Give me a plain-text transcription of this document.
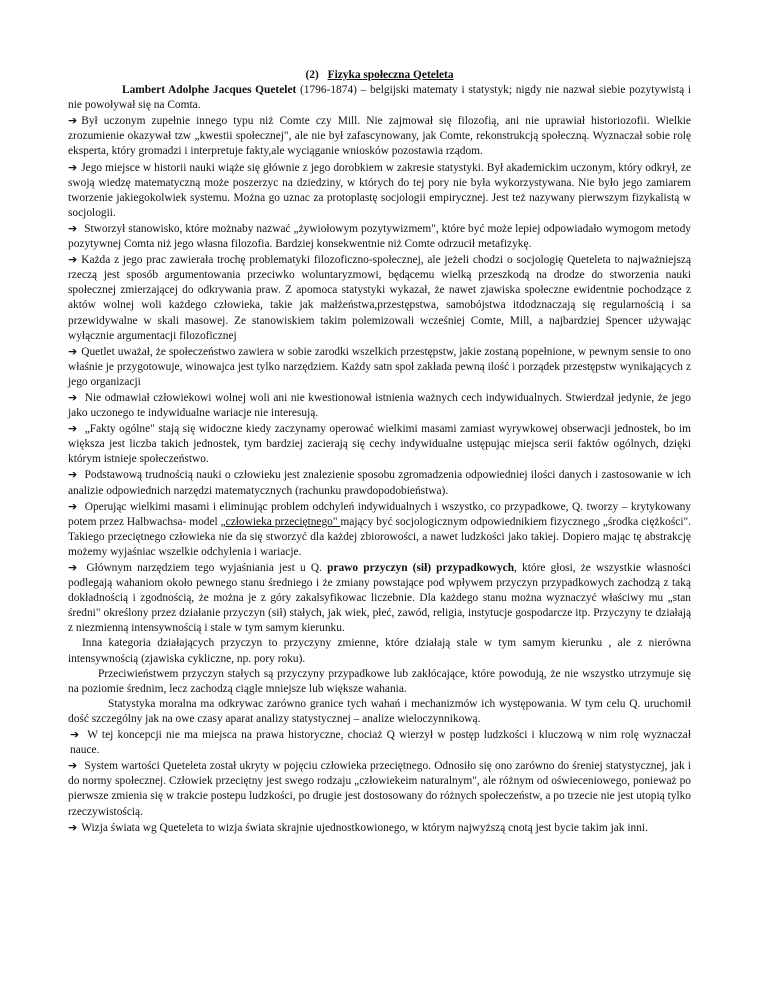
(2) Fizyka społeczna Qeteleta

Lambert Adolphe Jacques Quetelet (1796-1874) – belgijski matematy i statystyk; nigdy nie nazwał siebie pozytywistą i nie powoływał się na Comta.

➔ Był uczonym zupełnie innego typu niż Comte czy Mill. Nie zajmował się filozofią, ani nie uprawiał historiozofii. Wielkie zrozumienie okazywał tzw „kwestii społecznej", ale nie był zafascynowany, jak Comte, rekonstrukcją społeczną. Wyznaczał sobie rolę eksperta, który gromadzi i interpretuje fakty,ale wyciąganie wniosków pozostawia rządom.

➔ Jego miejsce w historii nauki wiąże się głównie z jego dorobkiem w zakresie statystyki. Był akademickim uczonym, który odkrył, ze swoją wiedzę matematyczną może poszerzyc na dziedziny, w których do tej pory nie była wykorzystywana. Nie było jego zamiarem tworzenie jakiegokolwiek systemu. Można go uznac za protoplastę socjologii empirycznej. Jest też nazywany pierwszym fizykalistą w socjologii.

➔ Stworzył stanowisko, które możnaby nazwać „żywiołowym pozytywizmem", które być może lepiej odpowiadało wymogom metody pozytywnej Comta niż jego własna filozofia. Bardziej konsekwentnie niż Comte odrzucił metafizykę.

➔ Każda z jego prac zawierała trochę problematyki filozoficzno-społecznej, ale jeżeli chodzi o socjologię Queteleta to najważniejszą rzeczą jest sposób argumentowania przeciwko woluntaryzmowi, będącemu wielką przeszkodą na drodze do stworzenia nauki społecznej zmierzającej do odkrywania praw. Z apomoca statystyki wykazał, że nawet zjawiska społeczne ewidentnie pochodzące z aktów wolnej woli każdego człowieka, takie jak małżeństwa,przestępstwa, samobójstwa itdodznaczają się regularnością i sa przewidywalne w skali masowej. Ze stanowiskiem takim polemizowali wcześniej Comte, Mill, a najbardziej Spencer używając wyłącznie argumentacji filozoficznej

➔ Quetlet uważał, że społeczeństwo zawiera w sobie zarodki wszelkich przestępstw, jakie zostaną popełnione, w pewnym sensie to ono właśnie je przygotowuje, winowajca jest tylko narzędziem. Każdy satn społ zakłada pewną ilość i porządek przestępstw wynikających z jego organizacji

➔ Nie odmawiał człowiekowi wolnej woli ani nie kwestionował istnienia ważnych cech indywidualnych. Stwierdzał jedynie, że jego jako uczonego te indywidualne wariacje nie interesują.

➔ „Fakty ogólne" stają się widoczne kiedy zaczynamy operować wielkimi masami zamiast wyrywkowej obserwacji jednostek, bo im większa jest liczba takich jednostek, tym bardziej zacierają się cechy indywidualne ustępując miejsca serii faktów ogólnych, dzięki którym istnieje społeczeństwo.

➔ Podstawową trudnością nauki o człowieku jest znalezienie sposobu zgromadzenia odpowiedniej ilości danych i zastosowanie w ich analizie odpowiednich narzędzi matematycznych (rachunku prawdopodobieństwa).

➔ Operując wielkimi masami i eliminując problem odchyleń indywidualnych i wszystko, co przypadkowe, Q. tworzy – krytykowany potem przez Halbwachsa- model „człowieka przeciętnego" mający być socjologicznym odpowiednikiem fizycznego „środka ciężkości". Takiego przeciętnego człowieka nie da się stworzyć dla każdej zbiorowości, a nawet ludzkości jako takiej. Dopiero mając tę abstrakcję możemy wyjaśniac wszelkie odchylenia i wariacje.

➔ Głównym narzędziem tego wyjaśniania jest u Q. prawo przyczyn (sił) przypadkowych, które głosi, że wszystkie własności podlegają wahaniom około pewnego stanu średniego i że zmiany powstające pod wpływem przyczyn przypadkowych zachodzą z taką dokładnością i zgodnością, że można je z góry zakalsyfikowac liczebnie. Dla każdego stanu można wyznaczyć właściwy mu „stan średni" określony przez działanie przyczyn (sił) stałych, jak wiek, płeć, zawód, religia, instytucje gospodarcze itp. Przyczyny te działają z niezmienną intensywnością i stale w tym samym kierunku.

Inna kategoria działających przyczyn to przyczyny zmienne, które działają stale w tym samym kierunku , ale z nierówna intensywnością (zjawiska cykliczne, np. pory roku).

Przeciwieństwem przyczyn stałych są przyczyny przypadkowe lub zakłócające, które powodują, że nie wszystko utrzymuje się na poziomie średnim, lecz zachodzą ciągle mniejsze lub większe wahania.

Statystyka moralna ma odkrywac zarówno granice tych wahań i mechanizmów ich występowania. W tym celu Q. uruchomił dość szczególny jak na owe czasy aparat analizy statystycznej – analize wieloczynnikową.

➔ W tej koncepcji nie ma miejsca na prawa historyczne, chociaż Q wierzył w postęp ludzkości i kluczową w nim rolę wyznaczał nauce.

➔ System wartości Queteleta został ukryty w pojęciu człowieka przeciętnego. Odnosiło się ono zarówno do śreniej statystycznej, jak i do normy społecznej. Człowiek przeciętny jest swego rodzaju „człowiekeim naturalnym", ale różnym od oświeceniowego, ponieważ po pierwsze zmienia się w trakcie postepu ludzkości, po drugie jest dostosowany do różnych społeczeństw, a po trzecie nie jest utopią tylko rzeczywistością.

➔ Wizja świata wg Queteleta to wizja świata skrajnie ujednostkowionego, w którym najwyższą cnotą jest bycie takim jak inni.
